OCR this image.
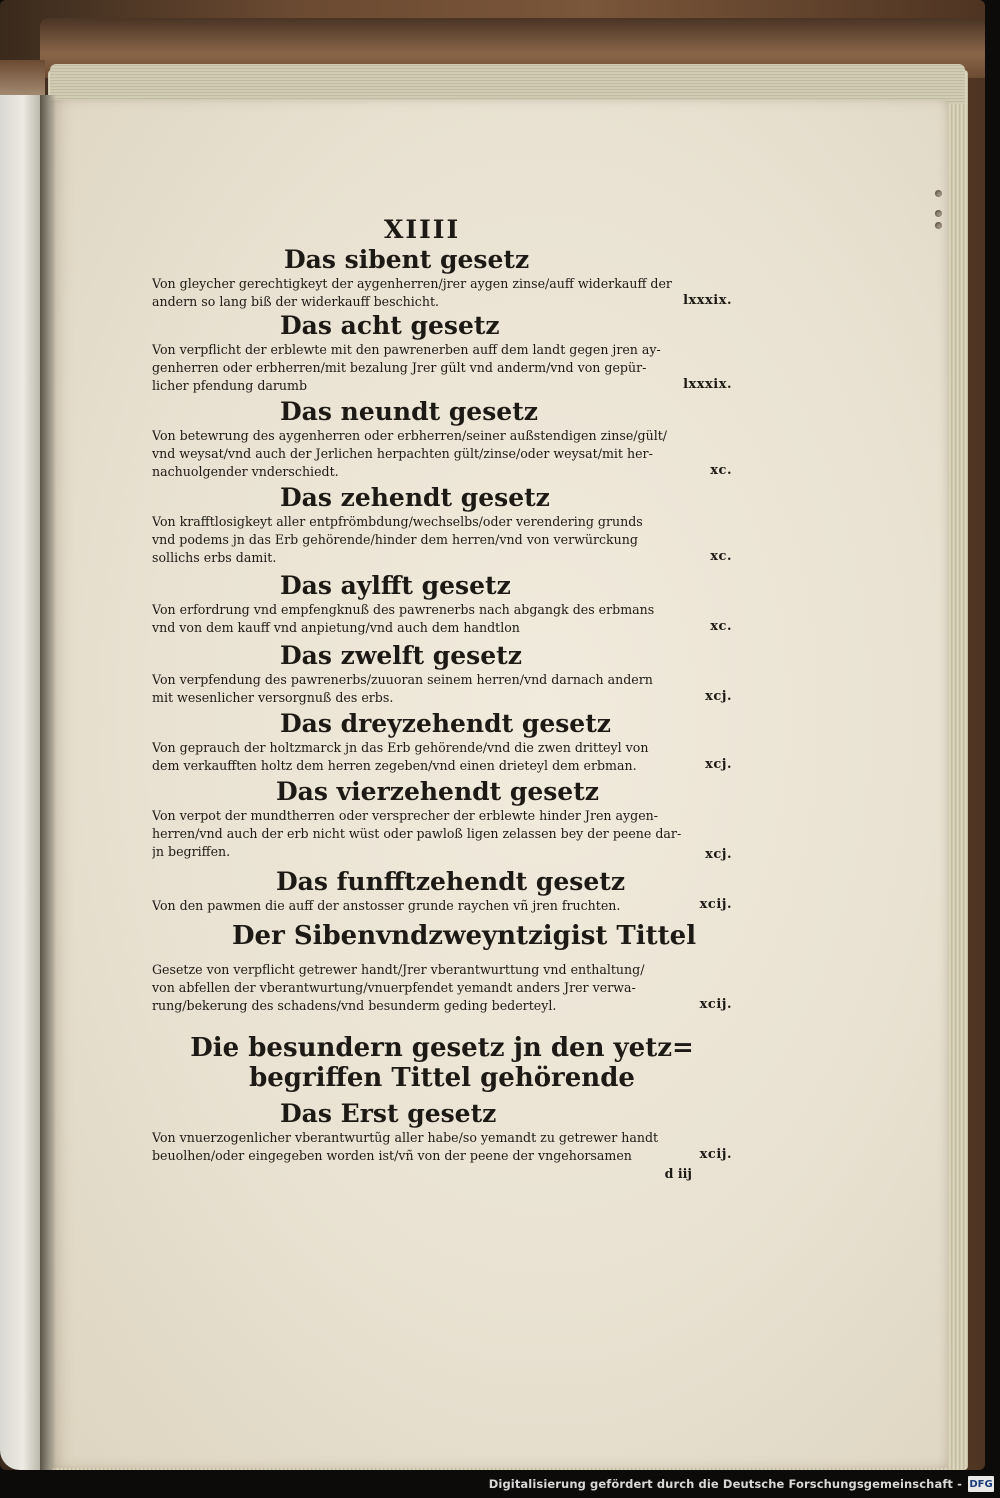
XIIII
Das sibent gesetz
Von gleycher gerechtigkeyt der aygenherren/jrer aygen zinse/auff widerkauff der
andern so lang biß der widerkauff beschicht.	lxxxix.
Das acht gesetz
Von verpflicht der erblewte mit den pawrenerben auff dem landt gegen jren ay-
genherren oder erbherren/mit bezalung Jrer gült vnd anderm/vnd von gepür-
licher pfendung darumb	lxxxix.
Das neundt gesetz
Von betewrung des aygenherren oder erbherren/seiner außstendigen zinse/gült/
vnd weysat/vnd auch der Jerlichen herpachten gült/zinse/oder weysat/mit her-
nachuolgender vnderschiedt.	xc.
Das zehendt gesetz
Von krafftlosigkeyt aller entpfrömbdung/wechselbs/oder verendering grunds
vnd podems jn das Erb gehörende/hinder dem herren/vnd von verwürckung
sollichs erbs damit.	xc.
Das aylfft gesetz
Von erfordrung vnd empfengknuß des pawrenerbs nach abgangk des erbmans
vnd von dem kauff vnd anpietung/vnd auch dem handtlon	xc.
Das zwelft gesetz
Von verpfendung des pawrenerbs/zuuoran seinem herren/vnd darnach andern
mit wesenlicher versorgnuß des erbs.	xcj.
Das dreyzehendt gesetz
Von geprauch der holtzmarck jn das Erb gehörende/vnd die zwen dritteyl von
dem verkaufften holtz dem herren zegeben/vnd einen drieteyl dem erbman.	xcj.
Das vierzehendt gesetz
Von verpot der mundtherren oder versprecher der erblewte hinder Jren aygen-
herren/vnd auch der erb nicht wüst oder pawloß ligen zelassen bey der peene dar-
jn begriffen.	xcj.
Das funfftzehendt gesetz
Von den pawmen die auff der anstosser grunde raychen vñ jren fruchten.	xcij.
Der Sibenvndzweyntzigist Tittel
Gesetze von verpflicht getrewer handt/Jrer vberantwurttung vnd enthaltung/
von abfellen der vberantwurtung/vnuerpfendet yemandt anders Jrer verwa-
rung/bekerung des schadens/vnd besunderm geding bederteyl.	xcij.
Die besundern gesetz jn den yetz=
begriffen Tittel gehörende
Das Erst gesetz
Von vnuerzogenlicher vberantwurtũg aller habe/so yemandt zu getrewer handt
beuolhen/oder eingegeben worden ist/vñ von der peene der vngehorsamen	xcij.
d iij
Digitalisierung gefördert durch die Deutsche Forschungsgemeinschaft - DFG
